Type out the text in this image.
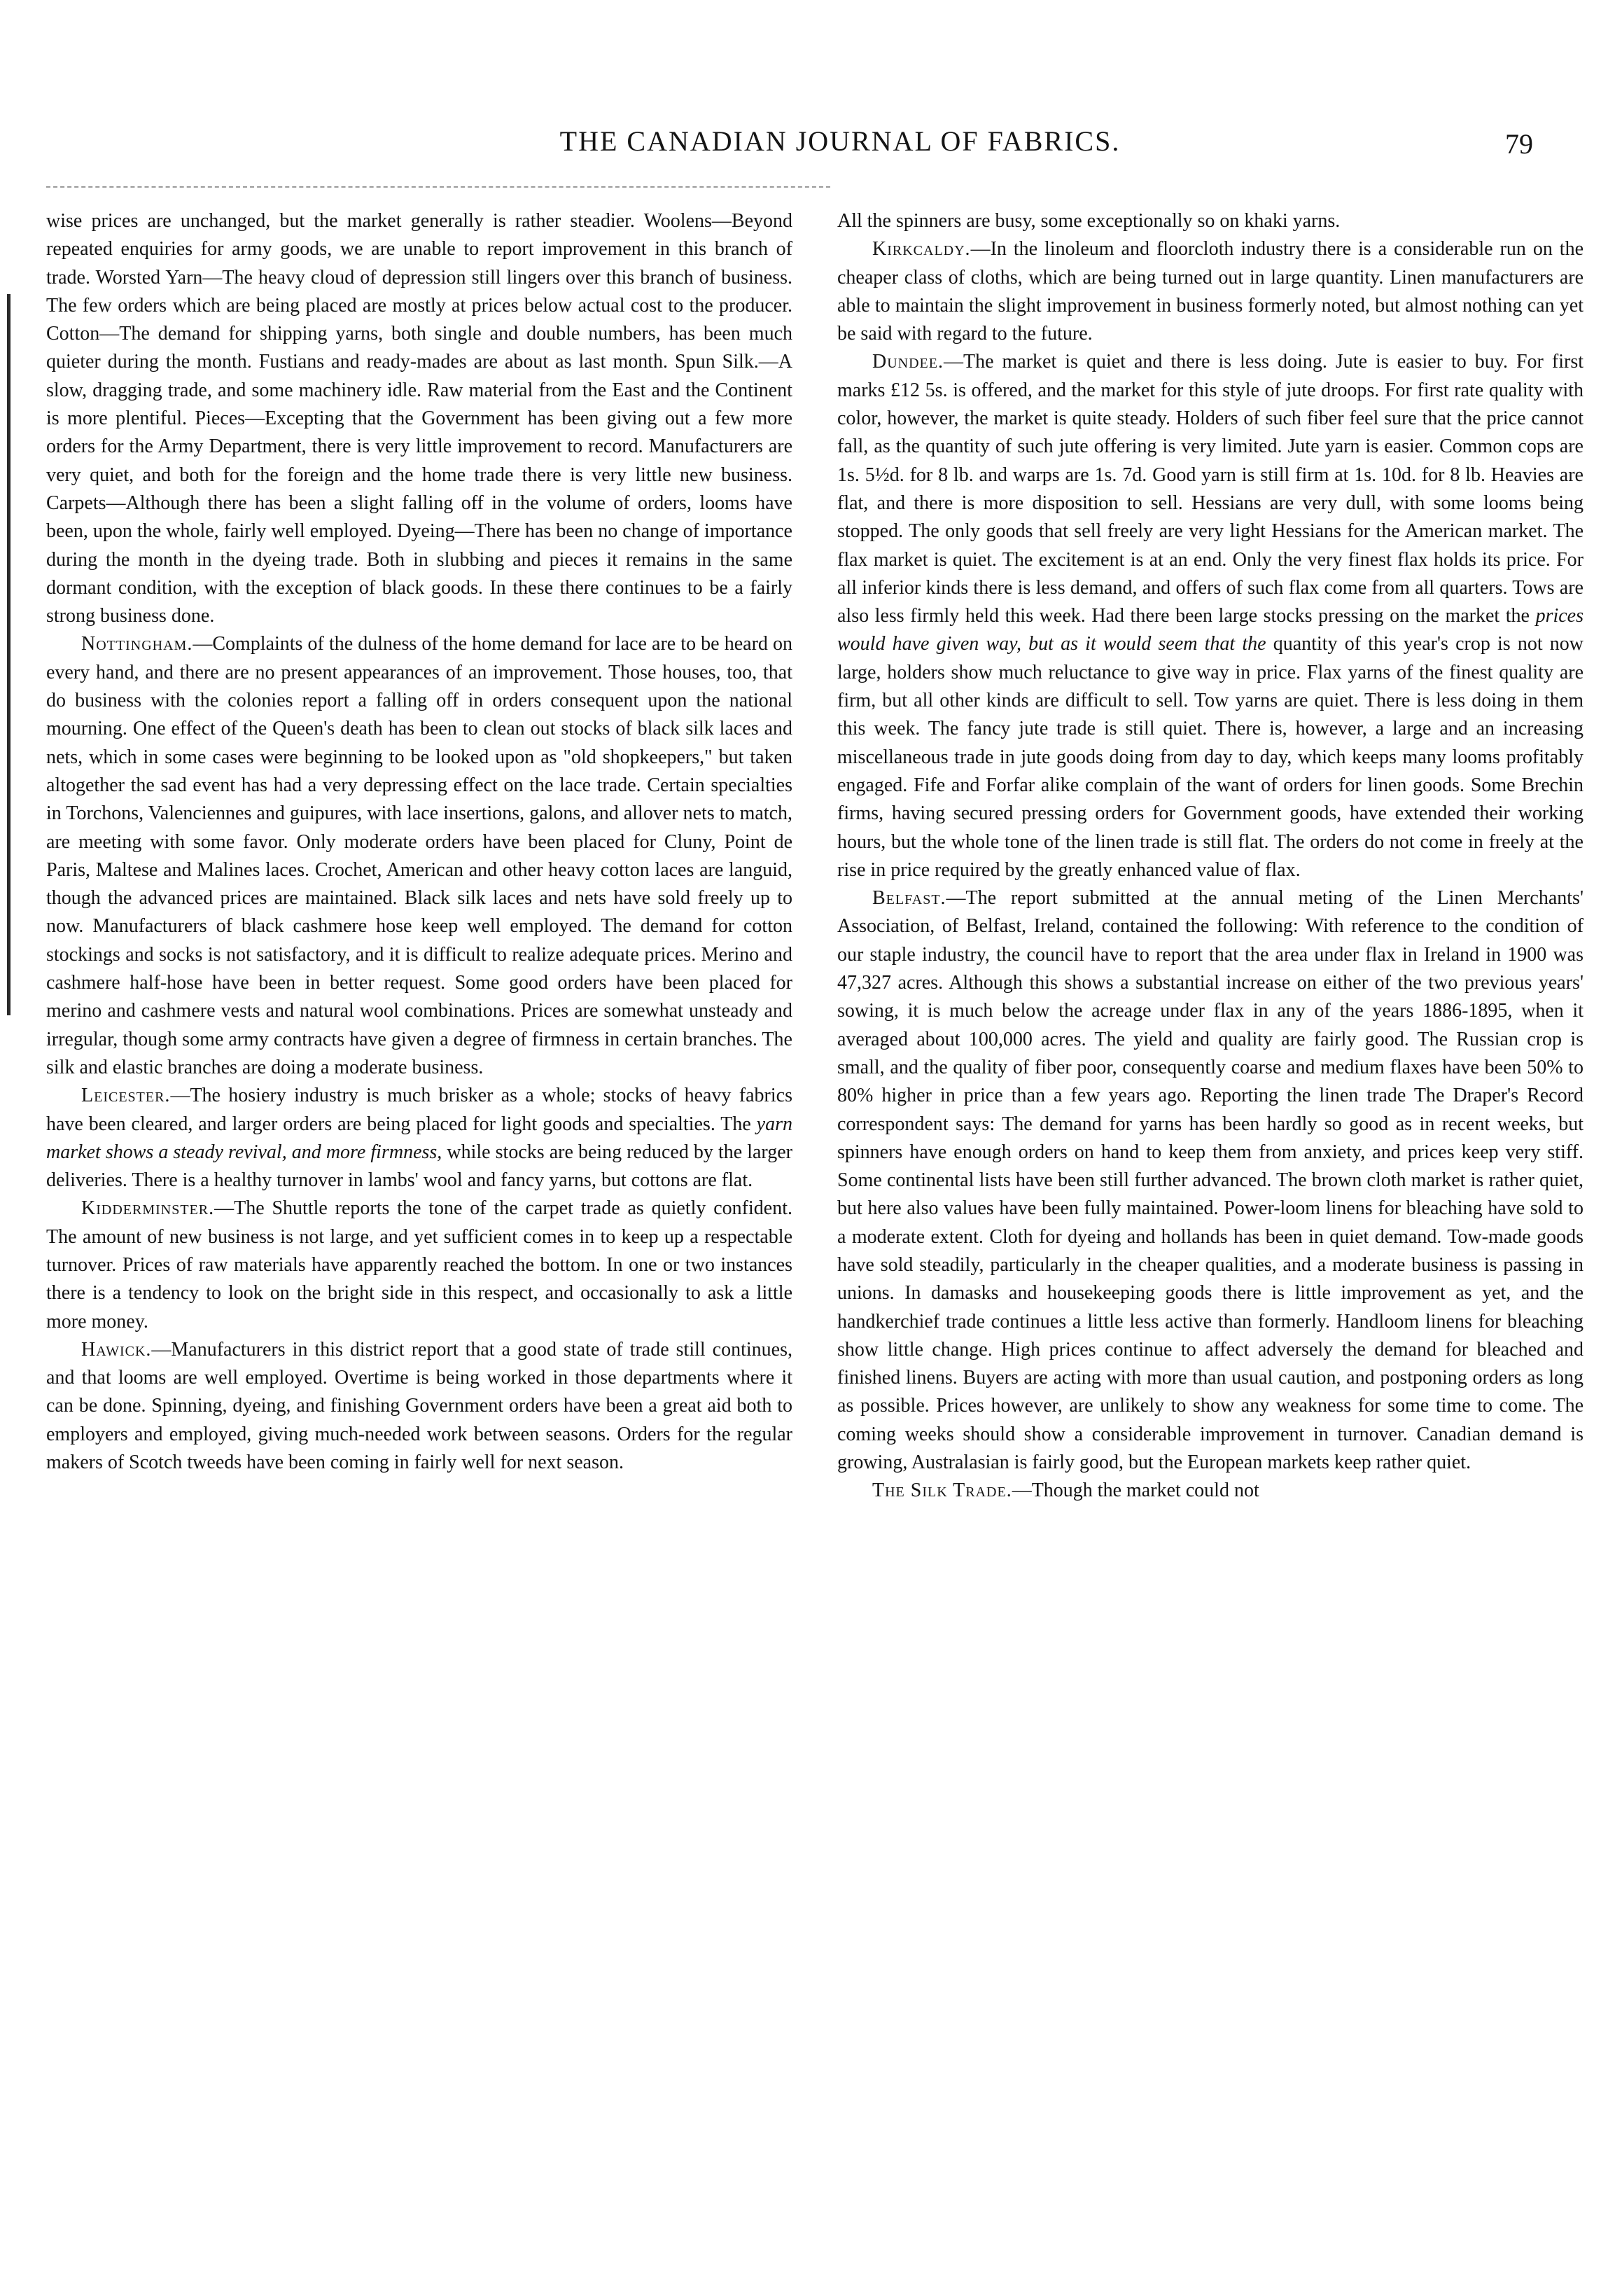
THE CANADIAN JOURNAL OF FABRICS.	79

wise prices are unchanged, but the market generally is rather steadier. Woolens—Beyond repeated enquiries for army goods, we are unable to report improvement in this branch of trade. Worsted Yarn—The heavy cloud of depression still lingers over this branch of business. The few orders which are being placed are mostly at prices below actual cost to the producer. Cotton—The demand for shipping yarns, both single and double numbers, has been much quieter during the month. Fustians and ready-mades are about as last month. Spun Silk.—A slow, dragging trade, and some machinery idle. Raw material from the East and the Continent is more plentiful. Pieces—Excepting that the Government has been giving out a few more orders for the Army Department, there is very little improvement to record. Manufacturers are very quiet, and both for the foreign and the home trade there is very little new business. Carpets—Although there has been a slight falling off in the volume of orders, looms have been, upon the whole, fairly well employed. Dyeing—There has been no change of importance during the month in the dyeing trade. Both in slubbing and pieces it remains in the same dormant condition, with the exception of black goods. In these there continues to be a fairly strong business done.

Nottingham.—Complaints of the dulness of the home demand for lace are to be heard on every hand, and there are no present appearances of an improvement. Those houses, too, that do business with the colonies report a falling off in orders consequent upon the national mourning. One effect of the Queen's death has been to clean out stocks of black silk laces and nets, which in some cases were beginning to be looked upon as "old shopkeepers," but taken altogether the sad event has had a very depressing effect on the lace trade. Certain specialties in Torchons, Valenciennes and guipures, with lace insertions, galons, and allover nets to match, are meeting with some favor. Only moderate orders have been placed for Cluny, Point de Paris, Maltese and Malines laces. Crochet, American and other heavy cotton laces are languid, though the advanced prices are maintained. Black silk laces and nets have sold freely up to now. Manufacturers of black cashmere hose keep well employed. The demand for cotton stockings and socks is not satisfactory, and it is difficult to realize adequate prices. Merino and cashmere half-hose have been in better request. Some good orders have been placed for merino and cashmere vests and natural wool combinations. Prices are somewhat unsteady and irregular, though some army contracts have given a degree of firmness in certain branches. The silk and elastic branches are doing a moderate business.

Leicester.—The hosiery industry is much brisker as a whole; stocks of heavy fabrics have been cleared, and larger orders are being placed for light goods and specialties. The yarn market shows a steady revival, and more firmness, while stocks are being reduced by the larger deliveries. There is a healthy turnover in lambs' wool and fancy yarns, but cottons are flat.

Kidderminster.—The Shuttle reports the tone of the carpet trade as quietly confident. The amount of new business is not large, and yet sufficient comes in to keep up a respectable turnover. Prices of raw materials have apparently reached the bottom. In one or two instances there is a tendency to look on the bright side in this respect, and occasionally to ask a little more money.

Hawick.—Manufacturers in this district report that a good state of trade still continues, and that looms are well employed. Overtime is being worked in those departments where it can be done. Spinning, dyeing, and finishing Government orders have been a great aid both to employers and employed, giving much-needed work between seasons. Orders for the regular makers of Scotch tweeds have been coming in fairly well for next season.

All the spinners are busy, some exceptionally so on khaki yarns.

Kirkcaldy.—In the linoleum and floorcloth industry there is a considerable run on the cheaper class of cloths, which are being turned out in large quantity. Linen manufacturers are able to maintain the slight improvement in business formerly noted, but almost nothing can yet be said with regard to the future.

Dundee.—The market is quiet and there is less doing. Jute is easier to buy. For first marks £12 5s. is offered, and the market for this style of jute droops. For first rate quality with color, however, the market is quite steady. Holders of such fiber feel sure that the price cannot fall, as the quantity of such jute offering is very limited. Jute yarn is easier. Common cops are 1s. 5½d. for 8 lb. and warps are 1s. 7d. Good yarn is still firm at 1s. 10d. for 8 lb. Heavies are flat, and there is more disposition to sell. Hessians are very dull, with some looms being stopped. The only goods that sell freely are very light Hessians for the American market. The flax market is quiet. The excitement is at an end. Only the very finest flax holds its price. For all inferior kinds there is less demand, and offers of such flax come from all quarters. Tows are also less firmly held this week. Had there been large stocks pressing on the market the prices would have given way, but as it would seem that the quantity of this year's crop is not now large, holders show much reluctance to give way in price. Flax yarns of the finest quality are firm, but all other kinds are difficult to sell. Tow yarns are quiet. There is less doing in them this week. The fancy jute trade is still quiet. There is, however, a large and an increasing miscellaneous trade in jute goods doing from day to day, which keeps many looms profitably engaged. Fife and Forfar alike complain of the want of orders for linen goods. Some Brechin firms, having secured pressing orders for Government goods, have extended their working hours, but the whole tone of the linen trade is still flat. The orders do not come in freely at the rise in price required by the greatly enhanced value of flax.

Belfast.—The report submitted at the annual meting of the Linen Merchants' Association, of Belfast, Ireland, contained the following: With reference to the condition of our staple industry, the council have to report that the area under flax in Ireland in 1900 was 47,327 acres. Although this shows a substantial increase on either of the two previous years' sowing, it is much below the acreage under flax in any of the years 1886-1895, when it averaged about 100,000 acres. The yield and quality are fairly good. The Russian crop is small, and the quality of fiber poor, consequently coarse and medium flaxes have been 50% to 80% higher in price than a few years ago. Reporting the linen trade The Draper's Record correspondent says: The demand for yarns has been hardly so good as in recent weeks, but spinners have enough orders on hand to keep them from anxiety, and prices keep very stiff. Some continental lists have been still further advanced. The brown cloth market is rather quiet, but here also values have been fully maintained. Power-loom linens for bleaching have sold to a moderate extent. Cloth for dyeing and hollands has been in quiet demand. Tow-made goods have sold steadily, particularly in the cheaper qualities, and a moderate business is passing in unions. In damasks and housekeeping goods there is little improvement as yet, and the handkerchief trade continues a little less active than formerly. Handloom linens for bleaching show little change. High prices continue to affect adversely the demand for bleached and finished linens. Buyers are acting with more than usual caution, and postponing orders as long as possible. Prices however, are unlikely to show any weakness for some time to come. The coming weeks should show a considerable improvement in turnover. Canadian demand is growing, Australasian is fairly good, but the European markets keep rather quiet.

The Silk Trade.—Though the market could not
